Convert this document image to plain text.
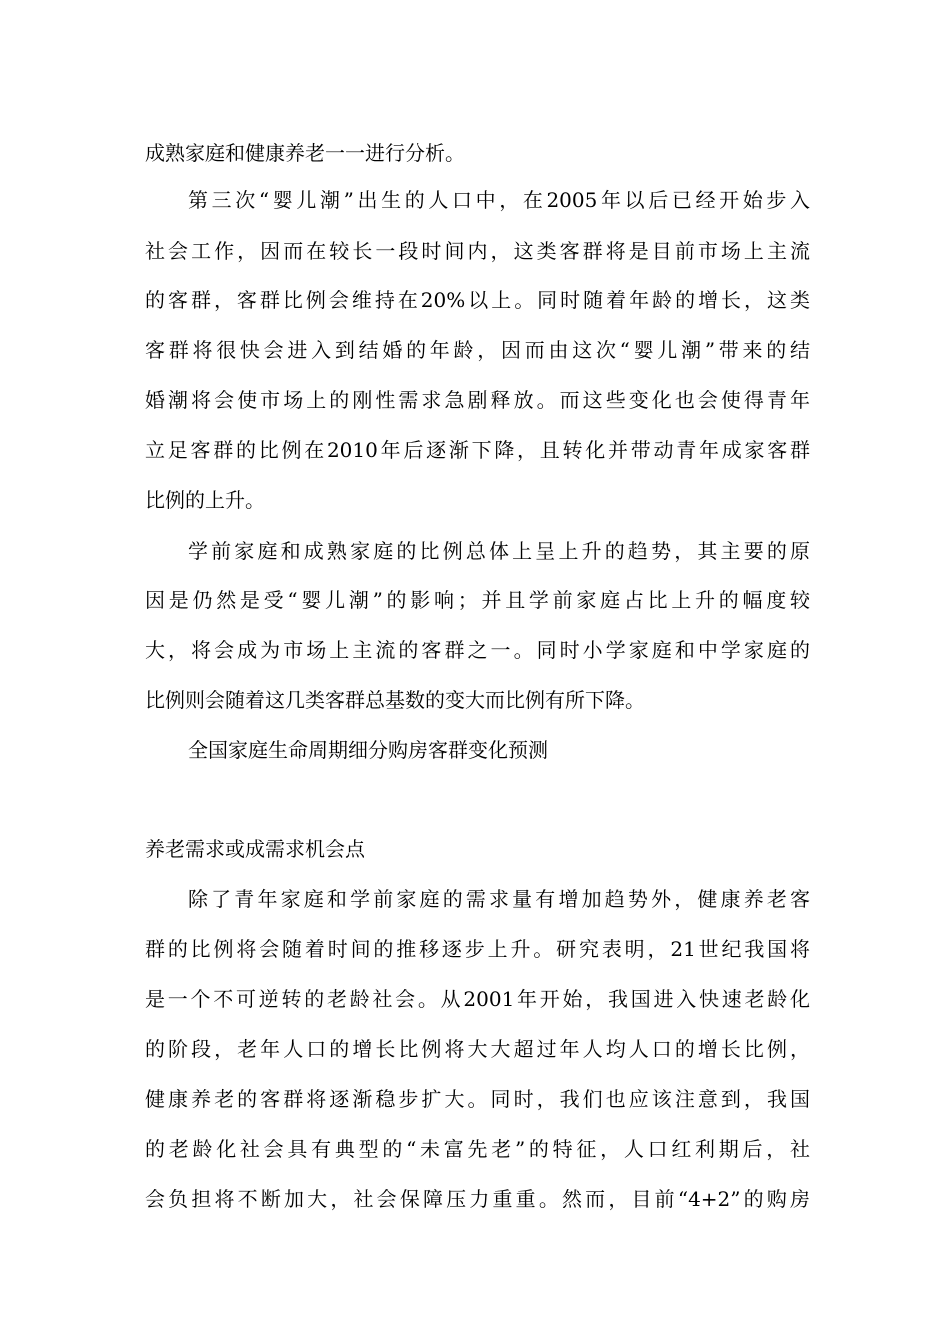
成熟家庭和健康养老一一进行分析。
第三次“婴儿潮”出生的人口中，在2005年以后已经开始步入
社会工作，因而在较长一段时间内，这类客群将是目前市场上主流
的客群，客群比例会维持在20%以上。同时随着年龄的增长，这类
客群将很快会进入到结婚的年龄，因而由这次“婴儿潮”带来的结
婚潮将会使市场上的刚性需求急剧释放。而这些变化也会使得青年
立足客群的比例在2010年后逐渐下降，且转化并带动青年成家客群
比例的上升。
学前家庭和成熟家庭的比例总体上呈上升的趋势，其主要的原
因是仍然是受“婴儿潮”的影响；并且学前家庭占比上升的幅度较
大，将会成为市场上主流的客群之一。同时小学家庭和中学家庭的
比例则会随着这几类客群总基数的变大而比例有所下降。
全国家庭生命周期细分购房客群变化预测
养老需求或成需求机会点
除了青年家庭和学前家庭的需求量有增加趋势外，健康养老客
群的比例将会随着时间的推移逐步上升。研究表明，21世纪我国将
是一个不可逆转的老龄社会。从2001年开始，我国进入快速老龄化
的阶段，老年人口的增长比例将大大超过年人均人口的增长比例，
健康养老的客群将逐渐稳步扩大。同时，我们也应该注意到，我国
的老龄化社会具有典型的“未富先老”的特征，人口红利期后，社
会负担将不断加大，社会保障压力重重。然而，目前“4+2”的购房
